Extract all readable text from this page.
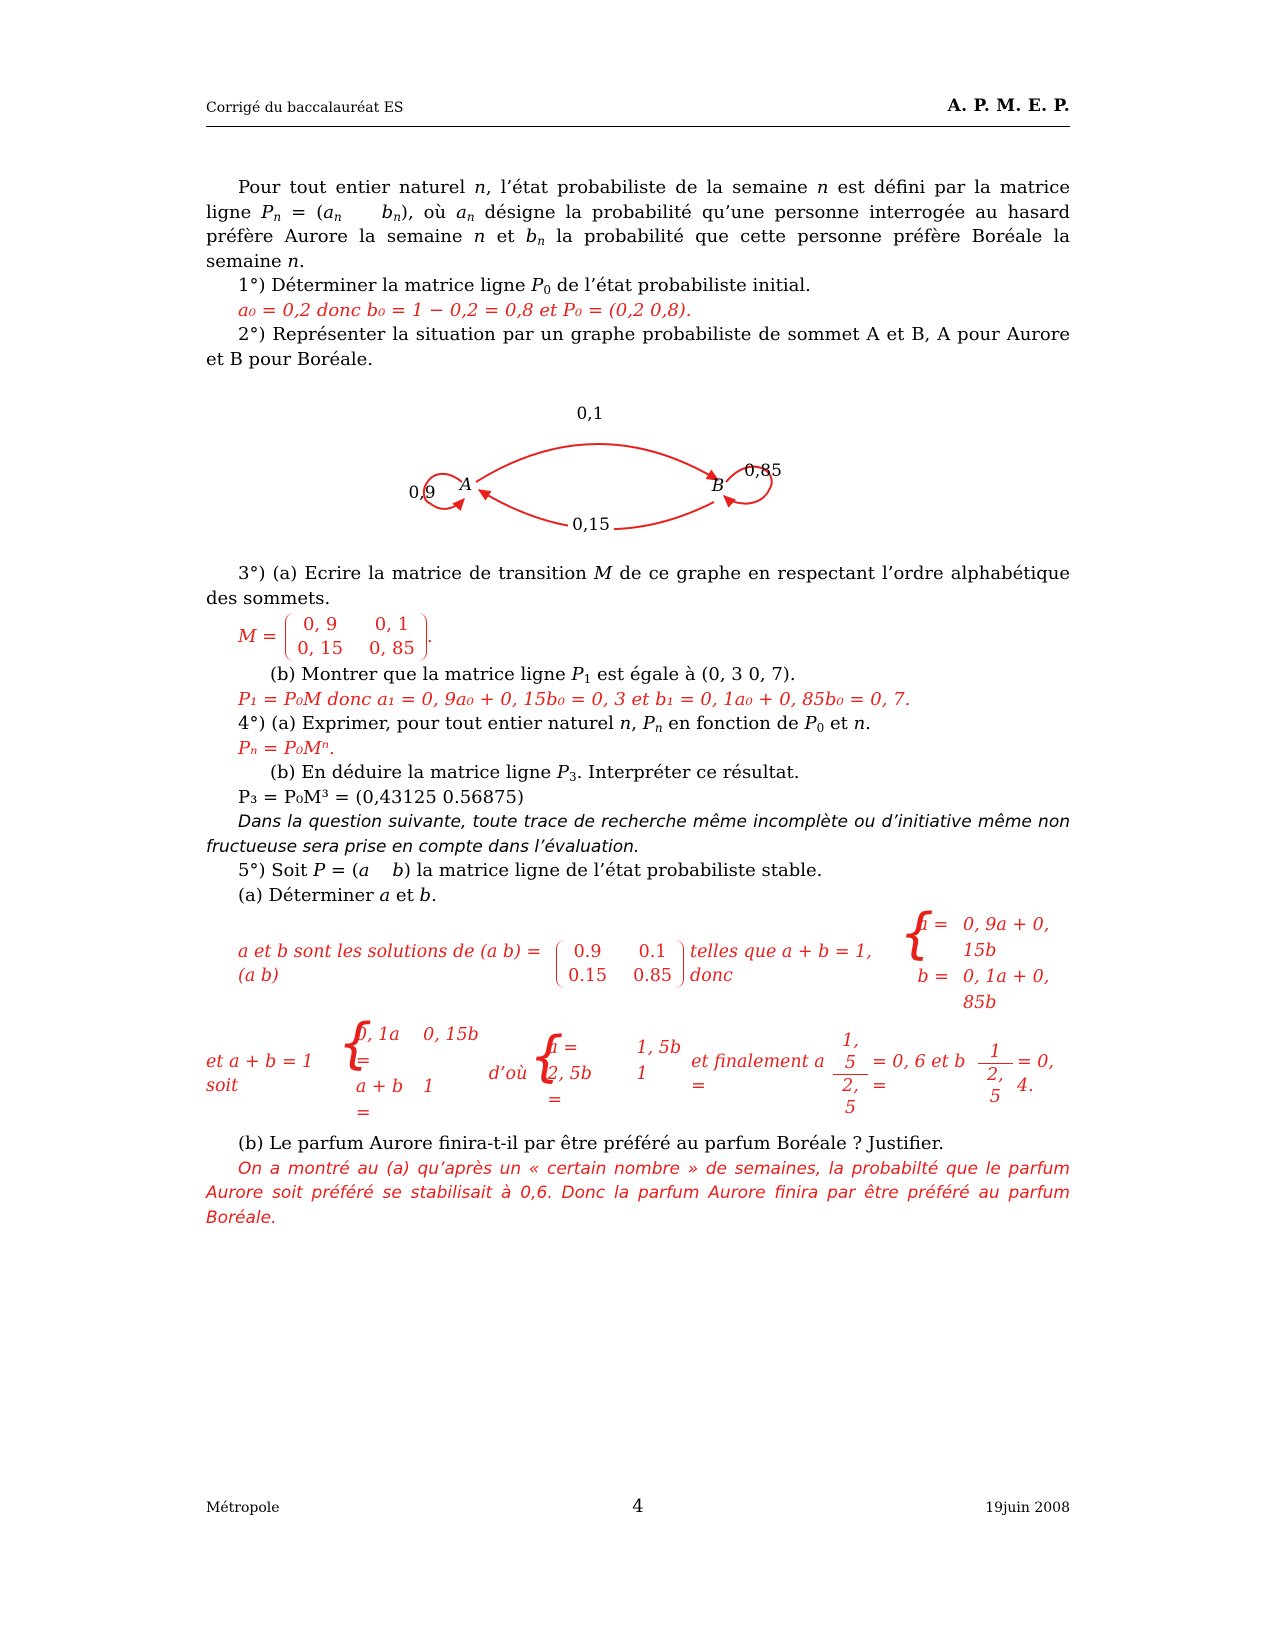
Corrigé du baccalauréat ES	A. P. M. E. P.

Pour tout entier naturel n, l’état probabiliste de la semaine n est défini par la matrice ligne $P_n = (a_n$ $b_n$), où $a_n$ désigne la probabilité qu’une personne interrogée au hasard préfère Aurore la semaine n et $b_n$ la probabilité que cette personne préfère Boréale la semaine n.

1°) Déterminer la matrice ligne $P_0$ de l’état probabiliste initial.

a₀ = 0,2 donc b₀ = 1 − 0,2 = 0,8 et P₀ = (0,2 0,8).

2°) Représenter la situation par un graphe probabiliste de sommet A et B, A pour Aurore et B pour Boréale.

0,1
0,15
0,9
0,85
A	B

3°) (a) Ecrire la matrice de transition M de ce graphe en respectant l’ordre alphabétique des sommets.

M =
0, 9	0, 1
0, 15 0, 85
.

(b) Montrer que la matrice ligne $P_1$ est égale à (0, 3 0, 7).

P₁ = P₀M donc a₁ = 0, 9a₀ + 0, 15b₀ = 0, 3 et b₁ = 0, 1a₀ + 0, 85b₀ = 0, 7.

4°) (a) Exprimer, pour tout entier naturel n, $P_n$ en fonction de $P_0$ et n.

Pₙ = P₀Mⁿ.

(b) En déduire la matrice ligne $P_3$. Interpréter ce résultat.

P₃ = P₀M³ = (0,43125 0.56875)

Dans la question suivante, toute trace de recherche même incomplète ou d’initiative même non fructueuse sera prise en compte dans l’évaluation.

5°) Soit P = (a b) la matrice ligne de l’état probabiliste stable.

(a) Déterminer a et b.

a et b sont les solutions de (a b) = (a b)
0.9	0.1
0.15 0.85
telles que a + b = 1, donc
{ a = 0, 9a + 0, 15b
b = 0, 1a + 0, 85b
et a + b = 1 soit
{ 0, 1a =
0, 15b
a + b =
1
d’où
{ a =	1, 5b
2, 5b =
1
et finalement a =	$\frac{1, 5}{2, 5} = 0$, 6 et b =	$\frac{1}{2, 5} = 0$, 4.

(b) Le parfum Aurore finira-t-il par être préféré au parfum Boréale ? Justifier.

On a montré au (a) qu’après un « certain nombre » de semaines, la probabilté que le parfum Aurore soit préféré se stabilisait à 0,6. Donc la parfum Aurore finira par être préféré au parfum Boréale.

Métropole	4	19juin 2008
